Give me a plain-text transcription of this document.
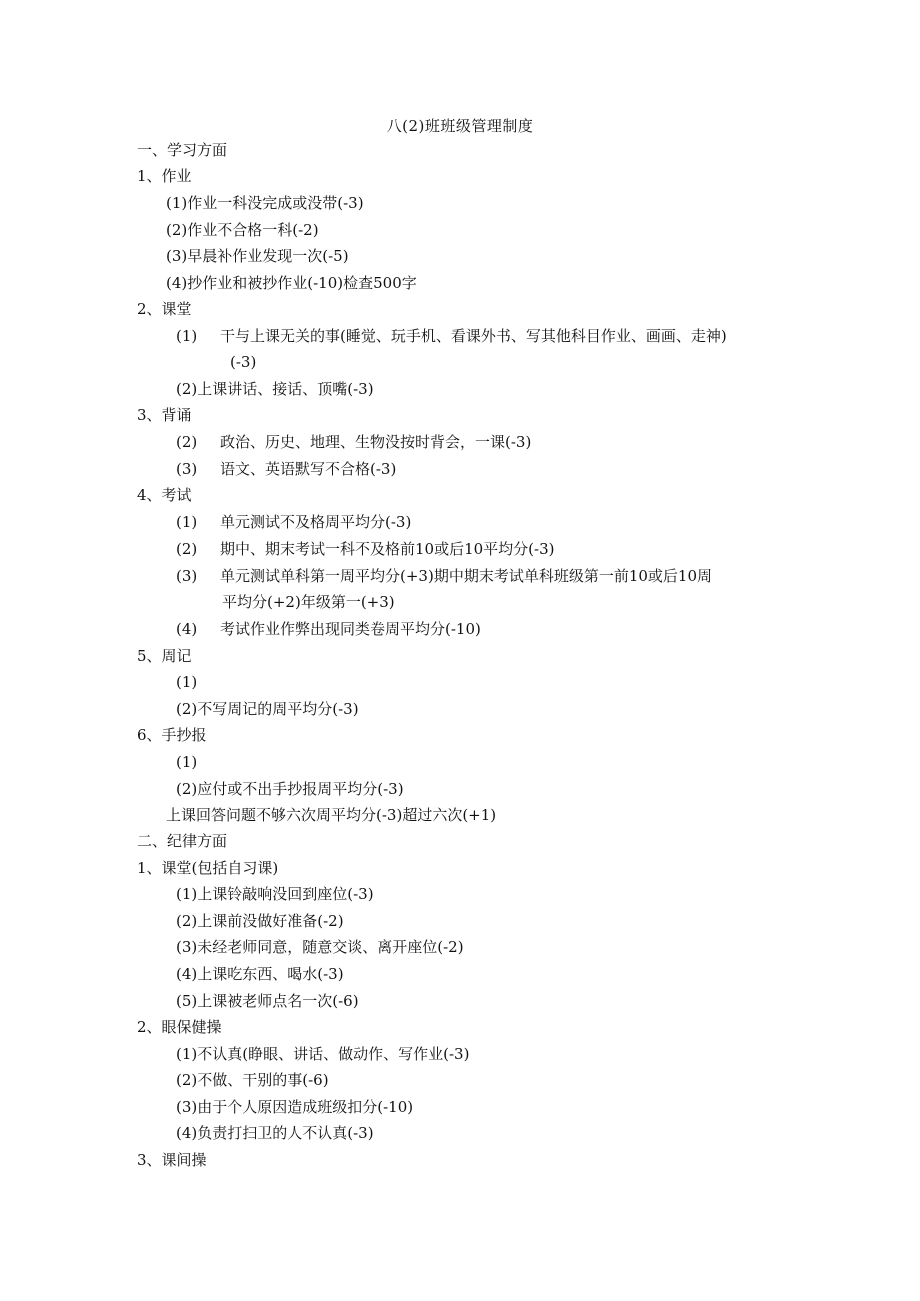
八(2)班班级管理制度
一、学习方面
1、作业
(1)作业一科没完成或没带(-3)
(2)作业不合格一科(-2)
(3)早晨补作业发现一次(-5)
(4)抄作业和被抄作业(-10)检查500字
2、课堂
(1) 干与上课无关的事(睡觉、玩手机、看课外书、写其他科目作业、画画、走神)
(-3)
(2)上课讲话、接话、顶嘴(-3)
3、背诵
(2) 政治、历史、地理、生物没按时背会，一课(-3)
(3) 语文、英语默写不合格(-3)
4、考试
(1) 单元测试不及格周平均分(-3)
(2) 期中、期末考试一科不及格前10或后10平均分(-3)
(3) 单元测试单科第一周平均分(+3)期中期末考试单科班级第一前10或后10周
平均分(+2)年级第一(+3)
(4) 考试作业作弊出现同类卷周平均分(-10)
5、周记
(1)
(2)不写周记的周平均分(-3)
6、手抄报
(1)
(2)应付或不出手抄报周平均分(-3)
上课回答问题不够六次周平均分(-3)超过六次(+1)
二、纪律方面
1、课堂(包括自习课)
(1)上课铃敲响没回到座位(-3)
(2)上课前没做好准备(-2)
(3)未经老师同意，随意交谈、离开座位(-2)
(4)上课吃东西、喝水(-3)
(5)上课被老师点名一次(-6)
2、眼保健操
(1)不认真(睁眼、讲话、做动作、写作业(-3)
(2)不做、干别的事(-6)
(3)由于个人原因造成班级扣分(-10)
(4)负责打扫卫的人不认真(-3)
3、课间操
